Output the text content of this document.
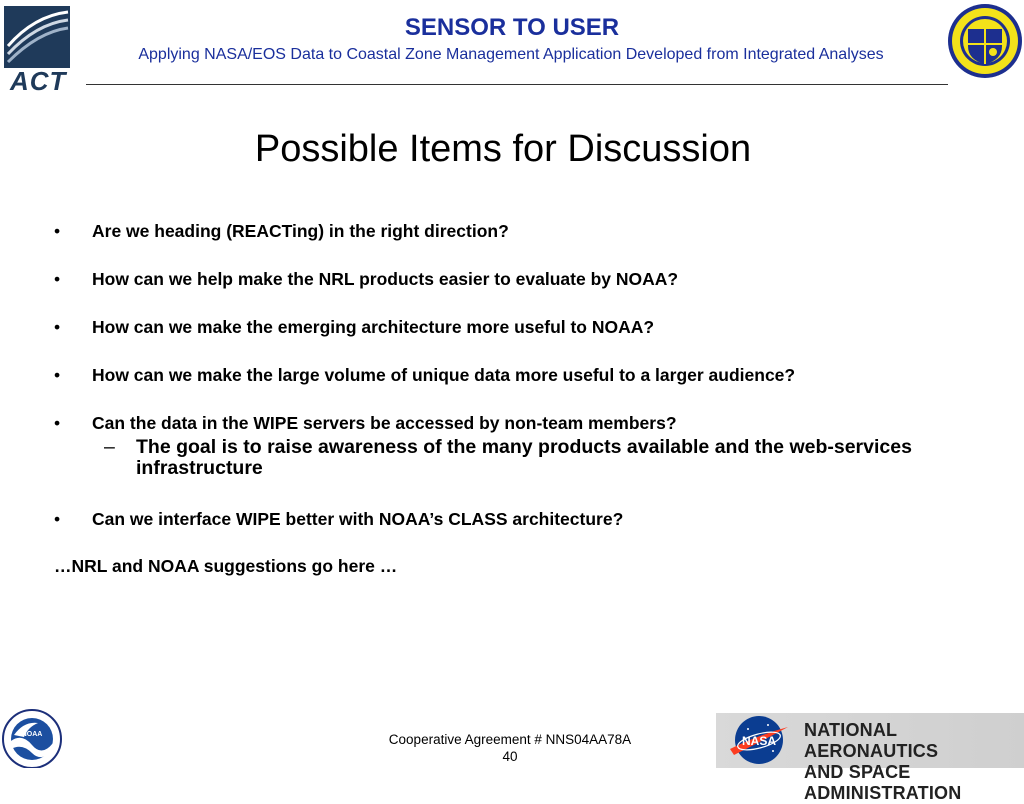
ACT
SENSOR TO USER
Applying NASA/EOS Data to Coastal Zone Management Application Developed from Integrated Analyses
Possible Items for Discussion
• Are we heading (REACTing) in the right direction?
• How can we help make the NRL products easier to evaluate by NOAA?
• How can we make the emerging architecture more useful to NOAA?
• How can we make the large volume of unique data more useful to a larger audience?
• Can the data in the WIPE servers be accessed by non-team members?
– The goal is to raise awareness of the many products available and the web-services infrastructure
• Can we interface WIPE better with NOAA’s CLASS architecture?
…NRL and NOAA suggestions go here …
NOAA	Cooperative Agreement # NNS04AA78A
40
NASA
NATIONAL AERONAUTICS
AND SPACE ADMINISTRATION
